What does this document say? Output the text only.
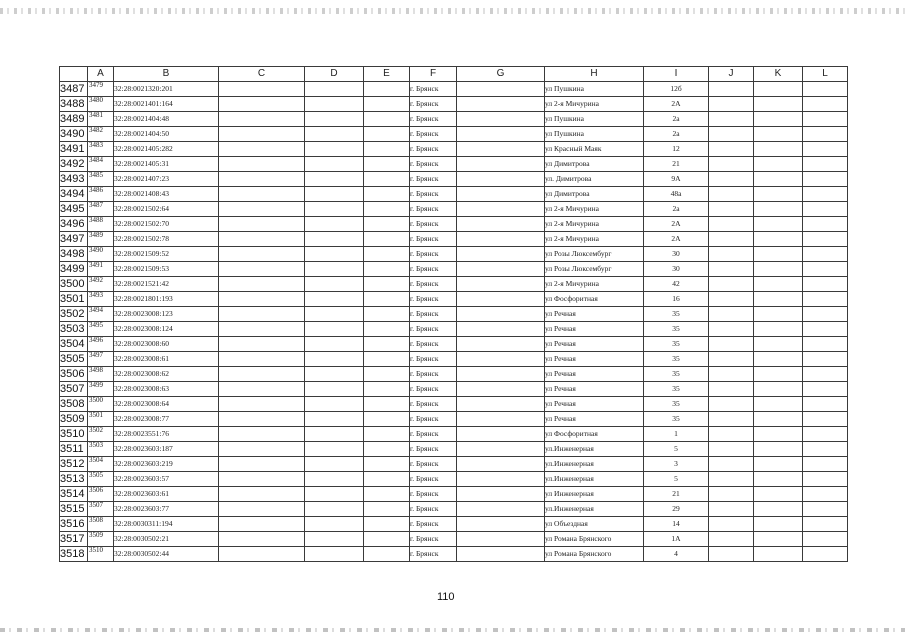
	A	B	C	D	E	F	G	H	I	J	K	L
3487	3479	32:28:0021320:201				г. Брянск		ул Пушкина	12б			
3488	3480	32:28:0021401:164				г. Брянск		ул 2-я Мичурина	2А			
3489	3481	32:28:0021404:48				г. Брянск		ул Пушкина	2а			
3490	3482	32:28:0021404:50				г. Брянск		ул Пушкина	2а			
3491	3483	32:28:0021405:282				г. Брянск		ул Красный Маяк	12			
3492	3484	32:28:0021405:31				г. Брянск		ул Димитрова	21			
3493	3485	32:28:0021407:23				г. Брянск		ул. Димитрова	9А			
3494	3486	32:28:0021408:43				г. Брянск		ул Димитрова	48а			
3495	3487	32:28:0021502:64				г. Брянск		ул 2-я Мичурина	2а			
3496	3488	32:28:0021502:70				г. Брянск		ул 2-я Мичурина	2А			
3497	3489	32:28:0021502:78				г. Брянск		ул 2-я Мичурина	2А			
3498	3490	32:28:0021509:52				г. Брянск		ул Розы Люксембург	30			
3499	3491	32:28:0021509:53				г. Брянск		ул Розы Люксембург	30			
3500	3492	32:28:0021521:42				г. Брянск		ул 2-я Мичурина	42			
3501	3493	32:28:0021801:193				г. Брянск		ул Фосфоритная	16			
3502	3494	32:28:0023008:123				г. Брянск		ул Речная	35			
3503	3495	32:28:0023008:124				г. Брянск		ул Речная	35			
3504	3496	32:28:0023008:60				г. Брянск		ул Речная	35			
3505	3497	32:28:0023008:61				г. Брянск		ул Речная	35			
3506	3498	32:28:0023008:62				г. Брянск		ул Речная	35			
3507	3499	32:28:0023008:63				г. Брянск		ул Речная	35			
3508	3500	32:28:0023008:64				г. Брянск		ул Речная	35			
3509	3501	32:28:0023008:77				г. Брянск		ул Речная	35			
3510	3502	32:28:0023551:76				г. Брянск		ул Фосфоритная	1			
3511	3503	32:28:0023603:187				г. Брянск		ул.Инженерная	5			
3512	3504	32:28:0023603:219				г. Брянск		ул.Инженерная	3			
3513	3505	32:28:0023603:57				г. Брянск		ул.Инженерная	5			
3514	3506	32:28:0023603:61				г. Брянск		ул Инженерная	21			
3515	3507	32:28:0023603:77				г. Брянск		ул.Инженерная	29			
3516	3508	32:28:0030311:194				г. Брянск		ул Объездная	14			
3517	3509	32:28:0030502:21				г. Брянск		ул Романа Брянского	1А			
3518	3510	32:28:0030502:44				г. Брянск		ул Романа Брянского	4			
110
